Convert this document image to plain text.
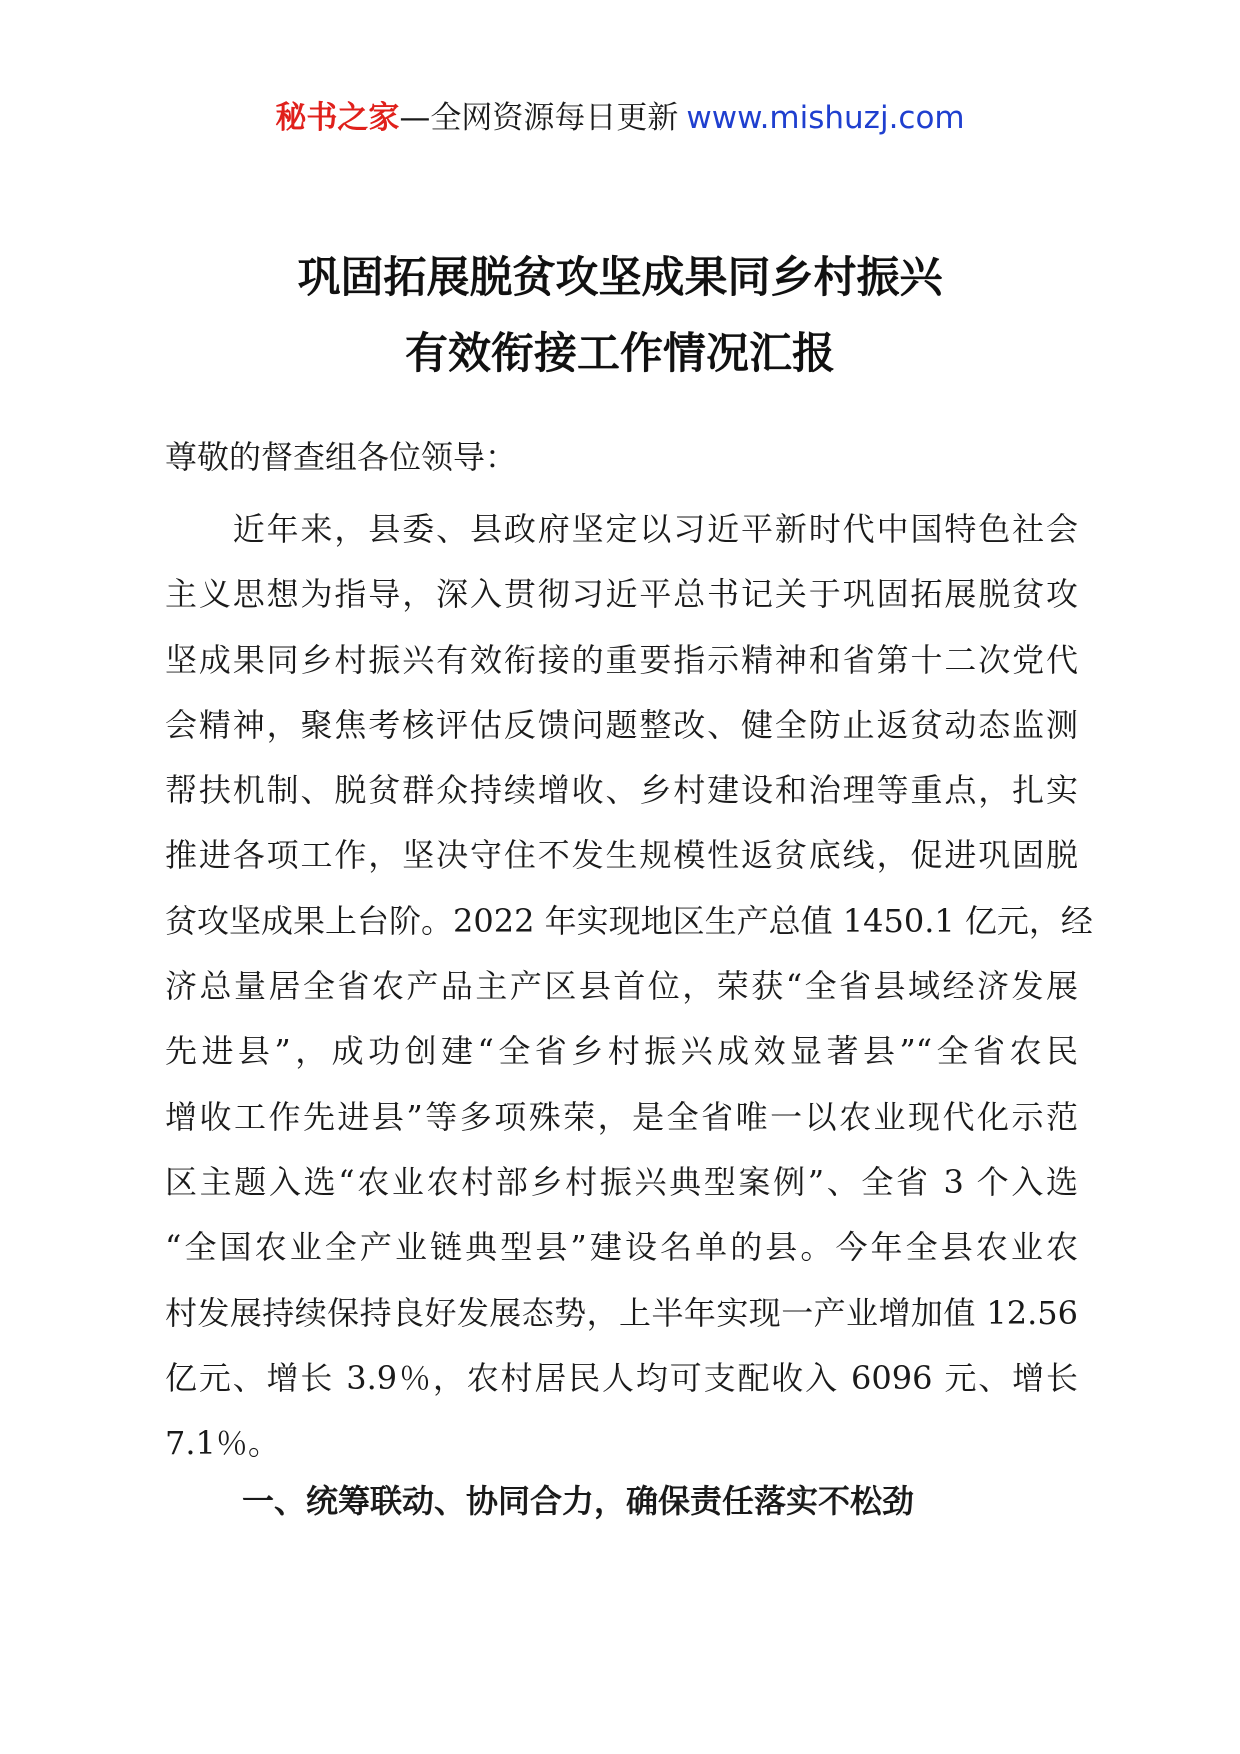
秘书之家—全网资源每日更新 www.mishuzj.com
巩固拓展脱贫攻坚成果同乡村振兴
有效衔接工作情况汇报
尊敬的督查组各位领导：
　　近年来，县委、县政府坚定以习近平新时代中国特色社会
主义思想为指导，深入贯彻习近平总书记关于巩固拓展脱贫攻
坚成果同乡村振兴有效衔接的重要指示精神和省第十二次党代
会精神，聚焦考核评估反馈问题整改、健全防止返贫动态监测
帮扶机制、脱贫群众持续增收、乡村建设和治理等重点，扎实
推进各项工作，坚决守住不发生规模性返贫底线，促进巩固脱
贫攻坚成果上台阶。2022 年实现地区生产总值 1450.1 亿元，经
济总量居全省农产品主产区县首位，荣获“全省县域经济发展
先进县”，成功创建“全省乡村振兴成效显著县”“全省农民
增收工作先进县”等多项殊荣，是全省唯一以农业现代化示范
区主题入选“农业农村部乡村振兴典型案例”、全省 3 个入选
“全国农业全产业链典型县”建设名单的县。今年全县农业农
村发展持续保持良好发展态势，上半年实现一产业增加值 12.56
亿元、增长 3.9％，农村居民人均可支配收入 6096 元、增长
7.1％。
一、统筹联动、协同合力，确保责任落实不松劲
